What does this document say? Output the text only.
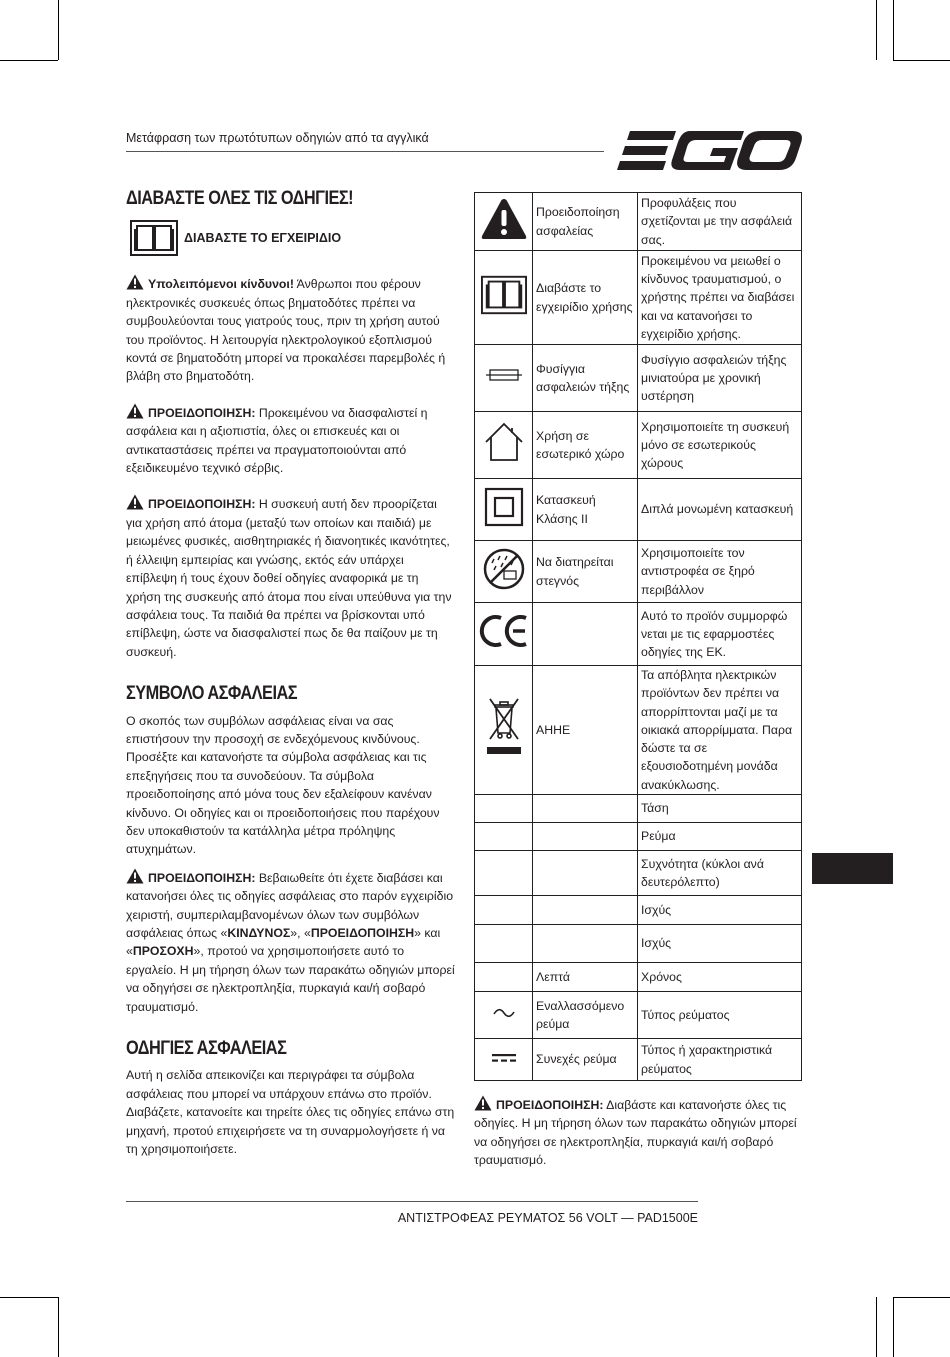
Μετάφραση των πρωτότυπων οδηγιών από τα αγγλικά
ΔΙΑΒΑΣΤΕ ΟΛΕΣ ΤΙΣ ΟΔΗΓΙΕΣ!
ΔΙΑΒΑΣΤΕ ΤΟ ΕΓΧΕΙΡΙΔΙΟ

Υπολειπόμενοι κίνδυνοι! Άνθρωποι που φέρουν ηλεκτρονικές συσκευές όπως βηματοδότες πρέπει να συμβουλεύονται τους γιατρούς τους, πριν τη χρήση αυτού του προϊόντος. Η λειτουργία ηλεκτρολογικού εξοπλισμού κοντά σε βηματοδότη μπορεί να προκαλέσει παρεμβολές ή βλάβη στο βηματοδότη.

ΠΡΟΕΙΔΟΠΟΙΗΣΗ: Προκειμένου να διασφαλιστεί η ασφάλεια και η αξιοπιστία, όλες οι επισκευές και οι αντικαταστάσεις πρέπει να πραγματοποιούνται από εξειδικευμένο τεχνικό σέρβις.

ΠΡΟΕΙΔΟΠΟΙΗΣΗ: Η συσκευή αυτή δεν προορίζεται για χρήση από άτομα (μεταξύ των οποίων και παιδιά) με μειωμένες φυσικές, αισθητηριακές ή διανοητικές ικανότητες, ή έλλειψη εμπειρίας και γνώσης, εκτός εάν υπάρχει επίβλεψη ή τους έχουν δοθεί οδηγίες αναφορικά με τη χρήση της συσκευής από άτομα που είναι υπεύθυνα για την ασφάλεια τους. Τα παιδιά θα πρέπει να βρίσκονται υπό επίβλεψη, ώστε να διασφαλιστεί πως δε θα παίζουν με τη συσκευή.

ΣΥΜΒΟΛΟ ΑΣΦΑΛΕΙΑΣ

Ο σκοπός των συμβόλων ασφάλειας είναι να σας επιστήσουν την προσοχή σε ενδεχόμενους κινδύνους. Προσέξτε και κατανοήστε τα σύμβολα ασφάλειας και τις επεξηγήσεις που τα συνοδεύουν. Τα σύμβολα προειδοποίησης από μόνα τους δεν εξαλείφουν κανέναν κίνδυνο. Οι οδηγίες και οι προειδοποιήσεις που παρέχουν δεν υποκαθιστούν τα κατάλληλα μέτρα πρόληψης ατυχημάτων.

ΠΡΟΕΙΔΟΠΟΙΗΣΗ: Βεβαιωθείτε ότι έχετε διαβάσει και κατανοήσει όλες τις οδηγίες ασφάλειας στο παρόν εγχειρίδιο χειριστή, συμπεριλαμβανομένων όλων των συμβόλων ασφάλειας όπως «ΚΙΝΔΥΝΟΣ», «ΠΡΟΕΙΔΟΠΟΙΗΣΗ» και «ΠΡΟΣΟΧΗ», προτού να χρησιμοποιήσετε αυτό το εργαλείο. Η μη τήρηση όλων των παρακάτω οδηγιών μπορεί να οδηγήσει σε ηλεκτροπληξία, πυρκαγιά και/ή σοβαρό τραυματισμό.

ΟΔΗΓΙΕΣ ΑΣΦΑΛΕΙΑΣ

Αυτή η σελίδα απεικονίζει και περιγράφει τα σύμβολα ασφάλειας που μπορεί να υπάρχουν επάνω στο προϊόν. Διαβάζετε, κατανοείτε και τηρείτε όλες τις οδηγίες επάνω στη μηχανή, προτού επιχειρήσετε να τη συναρμολογήσετε ή να τη χρησιμοποιήσετε.

	Προειδοποίηση ασφαλείας	Προφυλάξεις που σχετίζονται με την ασφάλειά σας.
	Διαβάστε το εγχειρίδιο χρήσης	Προκειμένου να μειωθεί ο κίνδυνος τραυματισμού, ο χρήστης πρέπει να διαβάσει και να κατανοήσει το εγχειρίδιο χρήσης.
	Φυσίγγια ασφαλειών τήξης	Φυσίγγιο ασφαλειών τήξης μινιατούρα με χρονική υστέρηση
	Χρήση σε εσωτερικό χώρο	Χρησιμοποιείτε τη συσκευή μόνο σε εσωτερικούς χώρους
	Κατασκευή Κλάσης II	Διπλά μονωμένη κατασκευή
	Να διατηρείται στεγνός	Χρησιμοποιείτε τον αντιστροφέα σε ξηρό περιβάλλον
		Αυτό το προϊόν συμμορφώ νεται με τις εφαρμοστέες οδηγίες της ΕΚ.
	ΑΗΗΕ	Τα απόβλητα ηλεκτρικών προϊόντων δεν πρέπει να απορρίπτονται μαζί με τα οικιακά απορρίμματα. Παρα δώστε τα σε εξουσιοδοτημένη μονάδα ανακύκλωσης.
		Τάση
		Ρεύμα
		Συχνότητα (κύκλοι ανά δευτερόλεπτο)
		Ισχύς
		Ισχύς
	Λεπτά	Χρόνος
	Εναλλασσόμενο ρεύμα	Τύπος ρεύματος
	Συνεχές ρεύμα	Τύπος ή χαρακτηριστικά ρεύματος

ΠΡΟΕΙΔΟΠΟΙΗΣΗ: Διαβάστε και κατανοήστε όλες τις οδηγίες. Η μη τήρηση όλων των παρακάτω οδηγιών μπορεί να οδηγήσει σε ηλεκτροπληξία, πυρκαγιά και/ή σοβαρό τραυματισμό.

ΑΝΤΙΣΤΡΟΦΕΑΣ ΡΕΥΜΑΤΟΣ 56 VOLT — PAD1500E
